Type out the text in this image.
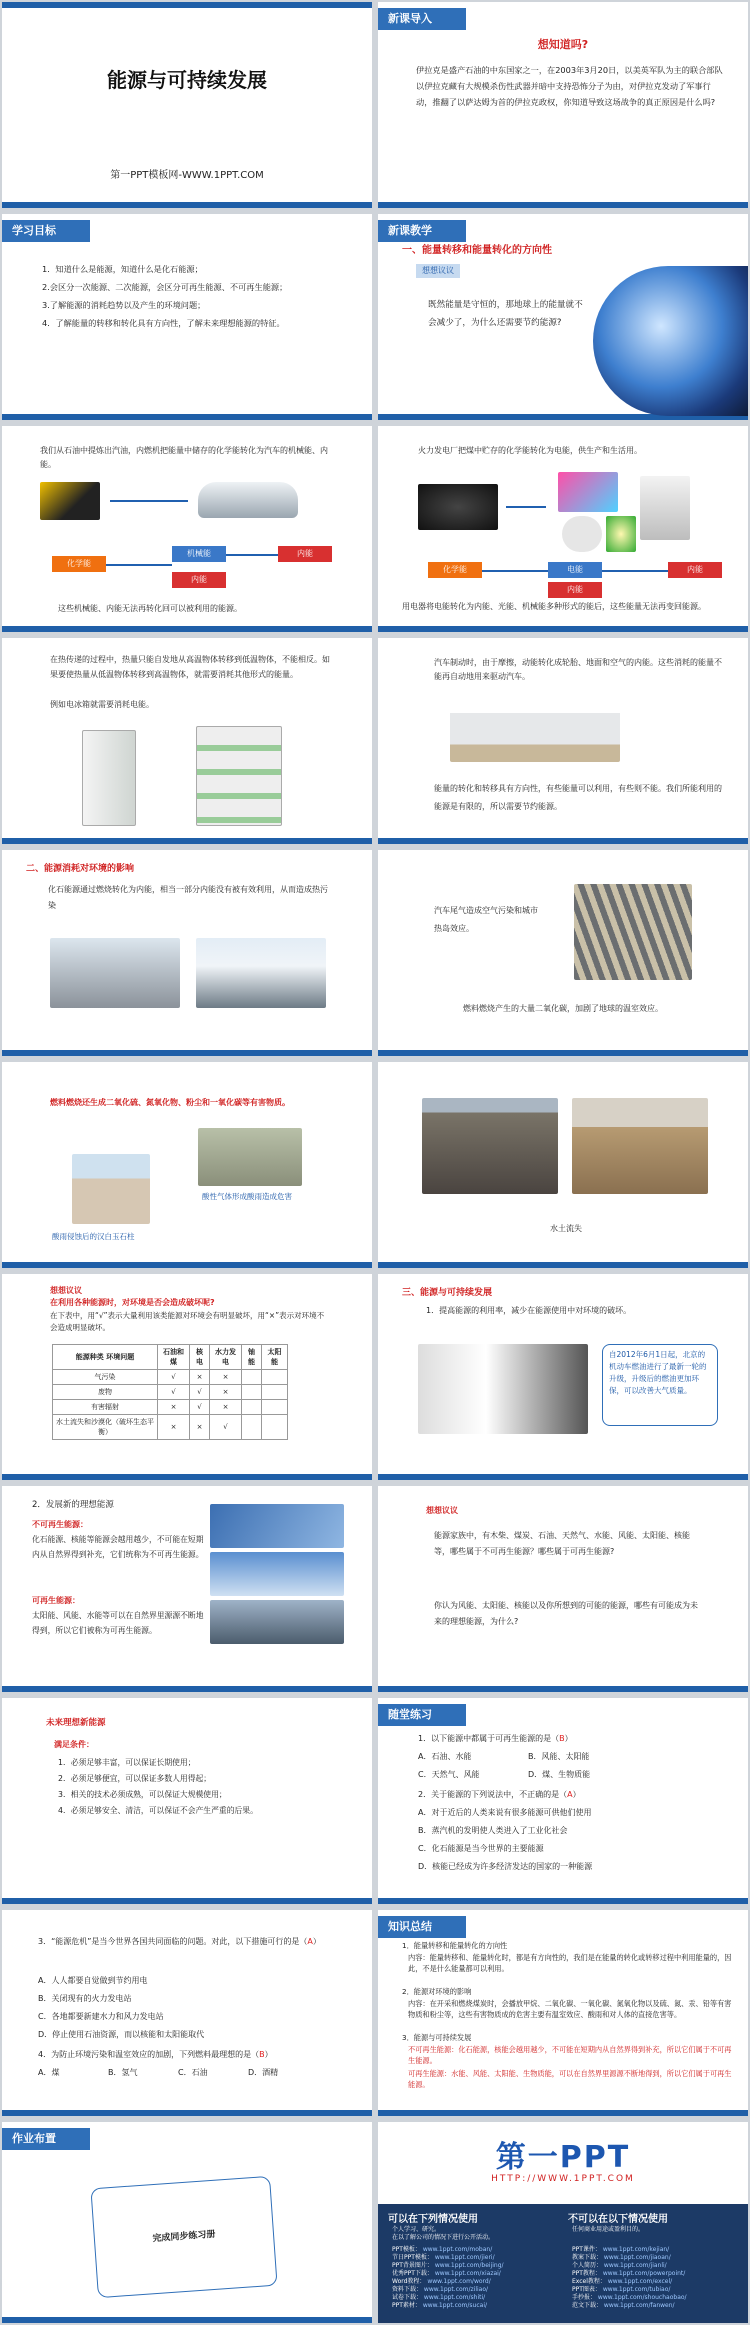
能源与可持续发展
第一PPT模板网-WWW.1PPT.COM
新课导入
想知道吗?
伊拉克是盛产石油的中东国家之一，在2003年3月20日，以美英军队为主的联合部队以伊拉克藏有大规模杀伤性武器并暗中支持恐怖分子为由，对伊拉克发动了军事行动，推翻了以萨达姆为首的伊拉克政权，你知道导致这场战争的真正原因是什么吗?
学习目标
1．知道什么是能源，知道什么是化石能源；
2.会区分一次能源、二次能源，会区分可再生能源、不可再生能源；
3.了解能源的消耗趋势以及产生的环境问题；
4．了解能量的转移和转化具有方向性，了解未来理想能源的特征。
新课教学
一、能量转移和能量转化的方向性
想想议议
既然能量是守恒的，那地球上的能量就不会减少了，为什么还需要节约能源?
我们从石油中提炼出汽油，内燃机把能量中储存的化学能转化为汽车的机械能、内能。
化学能
机械能
内能
内能
这些机械能、内能无法再转化回可以被利用的能源。
火力发电厂把煤中贮存的化学能转化为电能，供生产和生活用。
化学能	电能
内能
内能
用电器将电能转化为内能、光能、机械能多种形式的能后，这些能量无法再变回能源。
在热传递的过程中，热量只能自发地从高温物体转移到低温物体，不能相反。如果要使热量从低温物体转移到高温物体，就需要消耗其他形式的能量。
例如电冰箱就需要消耗电能。
汽车制动时，由于摩擦，动能转化成轮胎、地面和空气的内能。这些消耗的能量不能再自动地用来驱动汽车。
能量的转化和转移具有方向性，有些能量可以利用，有些则不能。我们所能利用的能源是有限的，所以需要节约能源。
二、能源消耗对环境的影响
化石能源通过燃烧转化为内能，相当一部分内能没有被有效利用，从而造成热污染
汽车尾气造成空气污染和城市热岛效应。
燃料燃烧产生的大量二氧化碳，加剧了地球的温室效应。
燃料燃烧还生成二氧化硫、氮氧化物、粉尘和一氧化碳等有害物质。
酸性气体形成酸雨造成危害
酸雨侵蚀后的汉白玉石柱
水土流失
想想议议
在利用各种能源时，对环境是否会造成破坏呢?
在下表中，用“√”表示大量利用该类能源对环境会有明显破坏，用“×”表示对环境不会造成明显破坏。
能源种类 环境问题	石油和煤	核电	水力发电	铀能	太阳能
气污染	√	×	×		
废物	√	√	×		
有害辐射	×	√	×		
水土流失和沙漠化（破坏生态平衡）	×	×	√		
三、能源与可持续发展
1．提高能源的利用率，减少在能源使用中对环境的破坏。
自2012年6月1日起，北京的机动车燃油进行了最新一轮的升级，升级后的燃油更加环保，可以改善大气质量。
2．发展新的理想能源
不可再生能源：
化石能源、核能等能源会越用越少，不可能在短期内从自然界得到补充，它们统称为不可再生能源。
可再生能源：
太阳能、风能、水能等可以在自然界里源源不断地得到，所以它们被称为可再生能源。
想想议议
能源家族中，有木柴、煤炭、石油、天然气、水能、风能、太阳能、核能等，哪些属于不可再生能源？哪些属于可再生能源?
你认为风能、太阳能、核能以及你所想到的可能的能源，哪些有可能成为未来的理想能源，为什么?
未来理想新能源
满足条件：
1．必须足够丰富，可以保证长期使用；
2．必须足够便宜，可以保证多数人用得起；
3．相关的技术必须成熟，可以保证大规模使用；
4．必须足够安全、清洁，可以保证不会产生严重的后果。
随堂练习
1．以下能源中都属于可再生能源的是（B）
A．石油、水能	B．风能、太阳能
C．天然气、风能	D．煤、生物质能
2．关于能源的下列说法中，不正确的是（A）
A．对于近后的人类来说有很多能源可供他们使用
B．蒸汽机的发明使人类进入了工业化社会
C．化石能源是当今世界的主要能源
D．核能已经成为许多经济发达的国家的一种能源
3．“能源危机”是当今世界各国共同面临的问题。对此，以下措施可行的是（A）
A．人人都要自觉做到节约用电
B．关闭现有的火力发电站
C．各地都要新建水力和风力发电站
D．停止使用石油资源，而以核能和太阳能取代
4．为防止环境污染和温室效应的加剧，下列燃料最理想的是（B）
A．煤	B．氢气	C．石油	D．酒精
知识总结
1．能量转移和能量转化的方向性
内容：能量转移和、能量转化时，都是有方向性的，我们是在能量的转化或转移过程中利用能量的，因此，不是什么能量都可以利用。
2．能源对环境的影响
内容：在开采和燃烧煤炭时，会播放甲烷、二氧化碳、一氧化碳、氮氧化物以及硫、氮、汞、铅等有害物质和粉尘等，这些有害物质成的危害主要有温室效应、酸雨和对人体的直接危害等。
3．能源与可持续发展
不可再生能源：化石能源，核能会越用越少，不可能在短期内从自然界得到补充，所以它们属于不可再生能源。
可再生能源：水能、风能、太阳能、生物质能，可以在自然界里源源不断地得到，所以它们属于可再生能源。
作业布置
完成同步练习册
第一PPT
HTTP://WWW.1PPT.COM
可以在下列情况使用	不可以在以下情况使用
个人学习、研究。
在以了解公司的情况下进行公开活动。
任何商业用途或盈利目的。
PPT模板： www.1ppt.com/moban/
节日PPT模板： www.1ppt.com/jieri/
PPT背景图片： www.1ppt.com/beijing/
优秀PPT下载： www.1ppt.com/xiazai/
Word教程： www.1ppt.com/word/
资料下载： www.1ppt.com/ziliao/
试卷下载： www.1ppt.com/shiti/
PPT素材： www.1ppt.com/sucai/
PPT课件： www.1ppt.com/kejian/
教案下载： www.1ppt.com/jiaoan/
个人简历： www.1ppt.com/jianli/
PPT教程： www.1ppt.com/powerpoint/
Excel教程： www.1ppt.com/excel/
PPT图表： www.1ppt.com/tubiao/
手抄报： www.1ppt.com/shouchaobao/
范文下载： www.1ppt.com/fanwen/
